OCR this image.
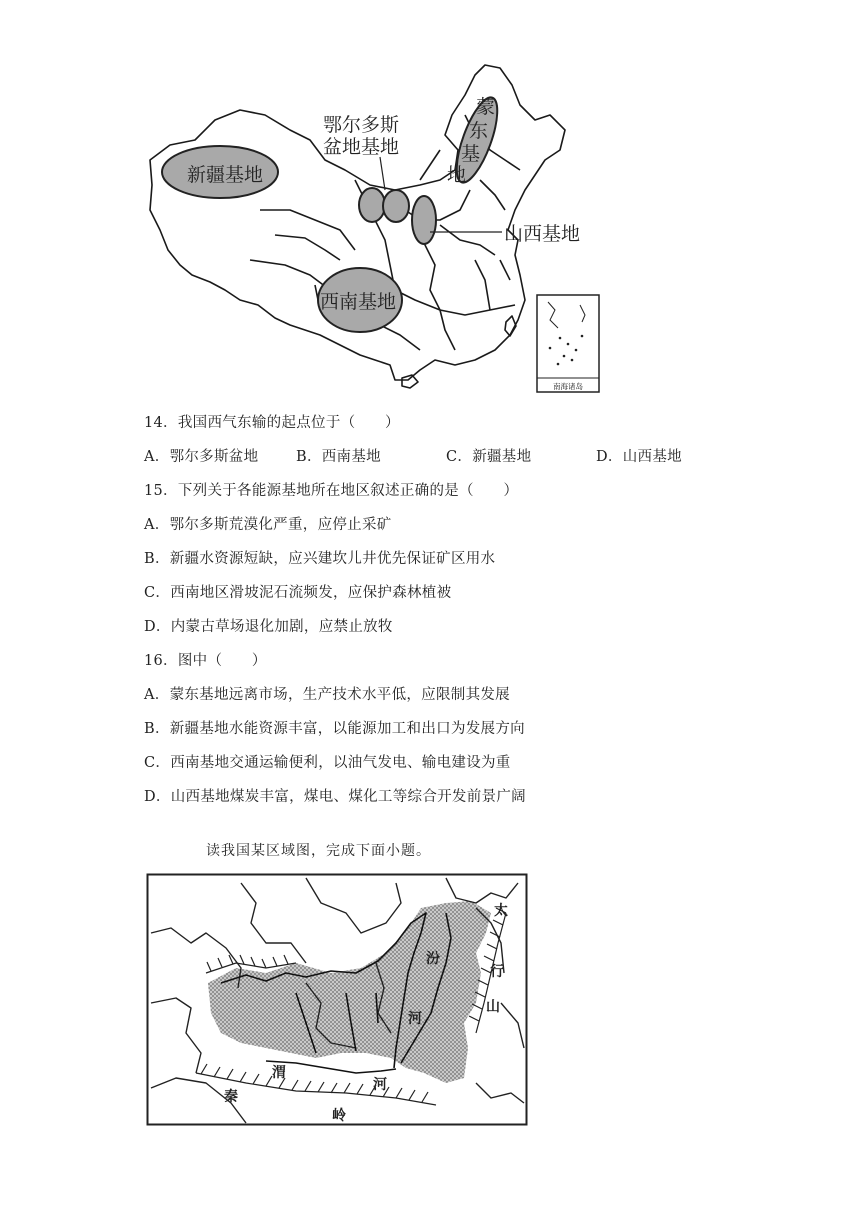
新疆基地
鄂尔多斯
盆地基地
蒙
东
基
地
山西基地
西南基地
南海诸岛
14．我国西气东输的起点位于（　　）
A．鄂尔多斯盆地	B．西南基地	C．新疆基地	D．山西基地
15．下列关于各能源基地所在地区叙述正确的是（　　）
A．鄂尔多斯荒漠化严重，应停止采矿
B．新疆水资源短缺，应兴建坎儿井优先保证矿区用水
C．西南地区滑坡泥石流频发，应保护森林植被
D．内蒙古草场退化加剧，应禁止放牧
16．图中（　　）
A．蒙东基地远离市场，生产技术水平低，应限制其发展
B．新疆基地水能资源丰富，以能源加工和出口为发展方向
C．西南基地交通运输便利，以油气发电、输电建设为重
D．山西基地煤炭丰富，煤电、煤化工等综合开发前景广阔
读我国某区域图，完成下面小题。
太
行
山
汾
河
渭
河
秦
岭
